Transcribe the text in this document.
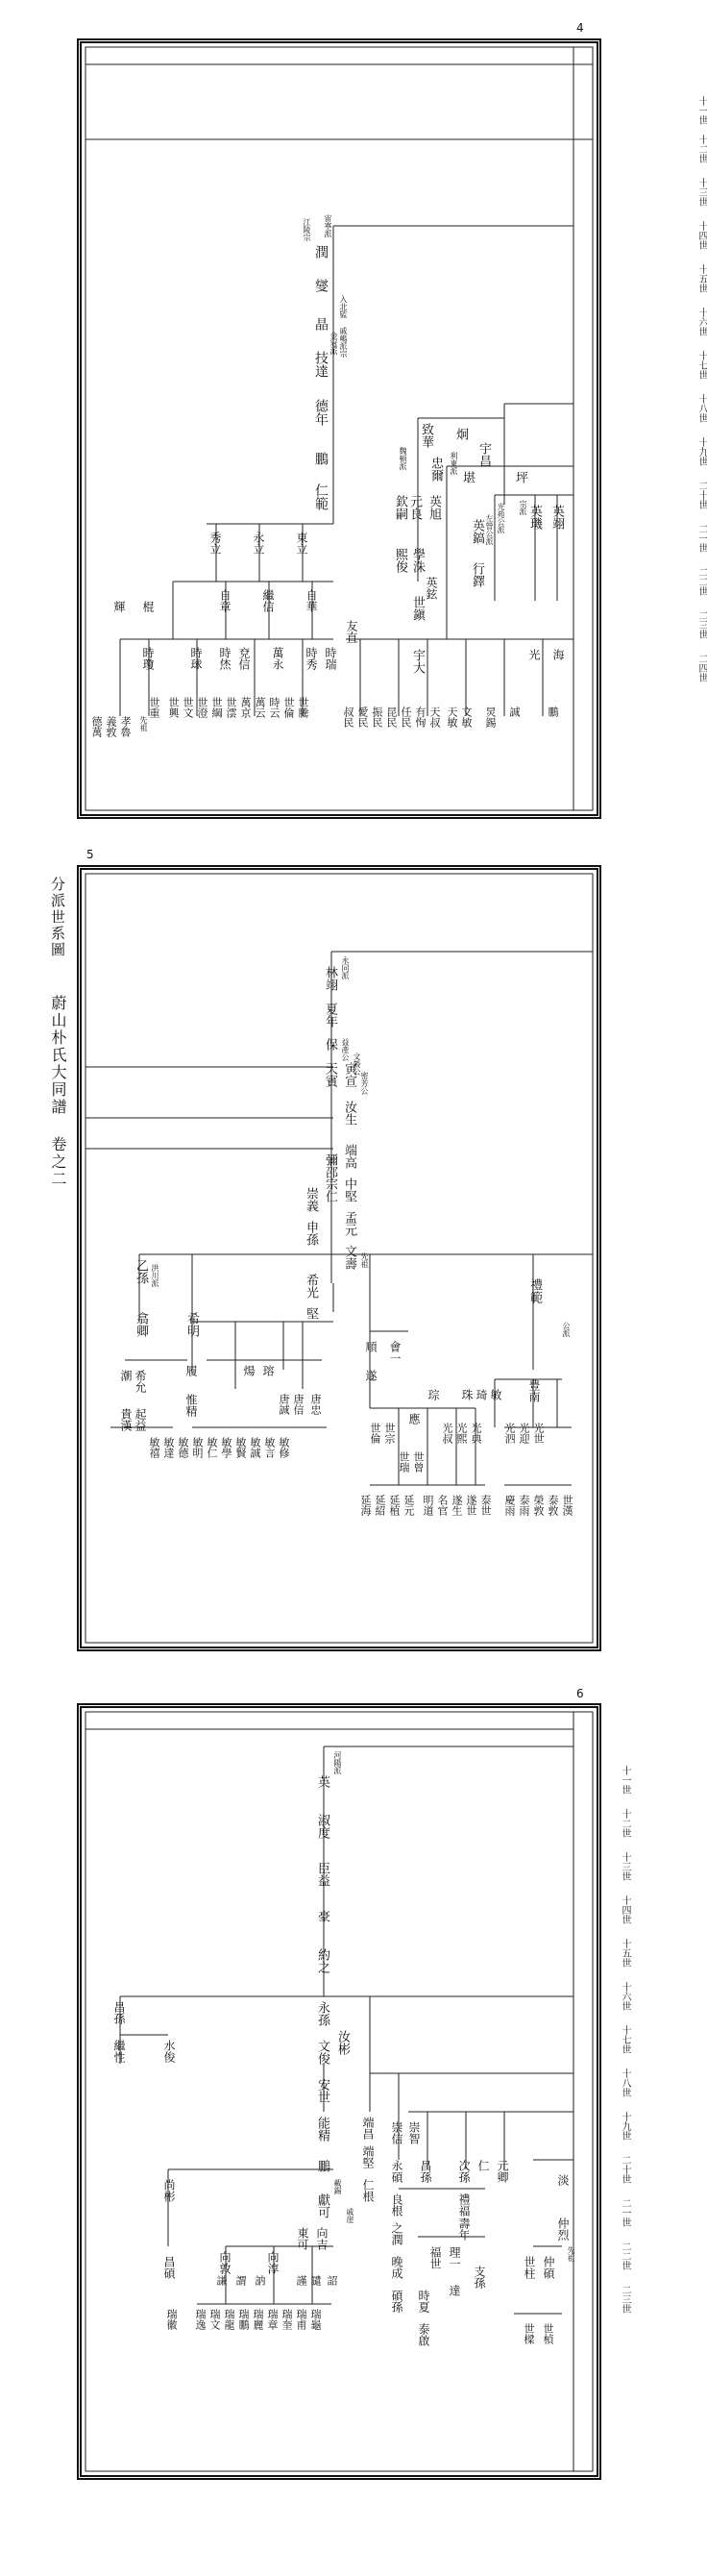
4
十一世
十二世
十三世
十四世
十五世
十六世
十七世
十八世
十九世
二十世
二一世
二二世
二三世
二四世
宙寧派
江陵宗
潤
燮
入北監
晶
戚嶋派宗
金冠派
技達
德年
鵬
仁範
致華
魏頓派 忠爾 利東派 宇昌
堪	坪
光苑公派
左營公派	英翊
英璣
英鎬
英鉉
欽嗣 元良
炯
英旭
行鐸
熙俊 學洙
世鎭
宇大
秀立	永立	東立
自章	繼信	自華
時烋	時秀
時球	兗信 萬永	時瑞
輝 棍
時瓊
世重 世興 世文 世澄 世綱 世澐 萬京 萬云 時云 世倫 世騰
先祖
孝魯
義敦
德萬
友直
叔民 愛民 振民 昆民 任民 有恂 天叔 天敏 文敏 炅錫 誠
光
鵬
海
宗派
5
分派世系圖
蔚山朴氏大同譜 卷之二
永同派
林翊
夏年
保 益產公
文穀公
天賓 寅宣 密芳公
汝生
端高
中堅
孟元
文壽 先祖
彌邵
宗仁
崇義
申孫
希光
堅
洪川派
乙孫
翕卿	希明
煬 瑢
履
惟精
潮 希允
貴漢 起益
敏禧 敏達 敏德 敏明 敏仁 敏學 敏賢 敏誠 敏言 敏修
唐信 唐忠
唐誠
遂
順 會一
應
琮 珠 琦 敏
世倫 世宗
世瑞 世曾
光叔 光熙 光典 光泗 光迎 光世
豊南
禮範
延海 延紹 延植 延元 明道 名官 遂生 遂世 泰世 慶雨 泰雨 榮敦 泰敦 世漢
公派
6
十一世
十二世
十三世
十四世
十五世
十六世
十七世
十八世
十九世
二十世
二一世
二二世
二三世
河陽派
英
淑度
臣益
豪
約之
永孫
昌孫
繼性	水俊	文俊 汝彬
安世
能精
鵬
載錫
獻可
東可 向吉
向淳
向敦
尚彬
昌碩
瑞龜
瑞甫
瑞奎
瑞章
瑞麗
瑞鵬
瑞龍
瑞文
瑞逸
瑞徽
譴
謹
訥
謂
謙	詔
端昌
端堅
崇信 崇智
永碩
仁根
良根
之潤
晚成
時夏
泰啟
碩孫
昌孫 次孫 仁
壽年
禮福
福世 理一
達
支孫
元卿	淡
仲烈
仲碩
世柱
世楨
世樑
戚崖
先祖
